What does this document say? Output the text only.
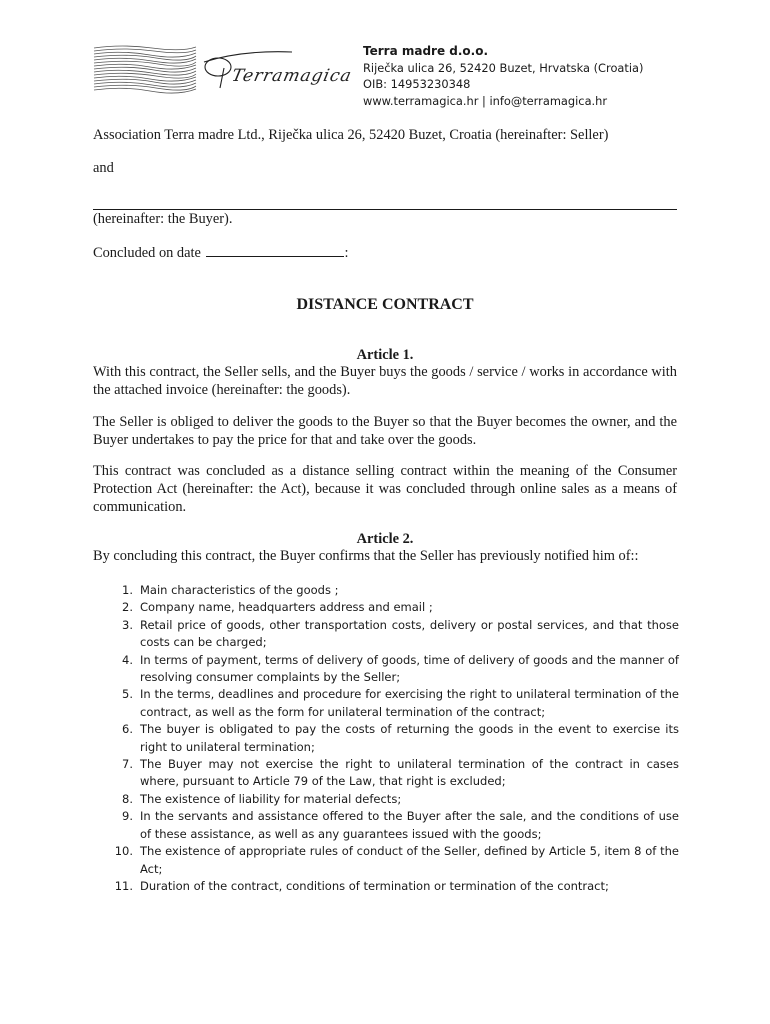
Terramagica
Terra madre d.o.o.
Riječka ulica 26, 52420 Buzet, Hrvatska (Croatia)
OIB: 14953230348
www.terramagica.hr | info@terramagica.hr

Association Terra madre Ltd., Riječka ulica 26, 52420 Buzet, Croatia (hereinafter: Seller)

and

(hereinafter: the Buyer).

Concluded on date	:

DISTANCE CONTRACT
Article 1.

With this contract, the Seller sells, and the Buyer buys the goods / service / works in accordance with the attached invoice (hereinafter: the goods).

The Seller is obliged to deliver the goods to the Buyer so that the Buyer becomes the owner, and the Buyer undertakes to pay the price for that and take over the goods.

This contract was concluded as a distance selling contract within the meaning of the Consumer Protection Act (hereinafter: the Act), because it was concluded through online sales as a means of communication.

Article 2.

By concluding this contract, the Buyer confirms that the Seller has previously notified him of::

1. Main characteristics of the goods ;
2. Company name, headquarters address and email ;
3. Retail price of goods, other transportation costs, delivery or postal services, and that those costs can be charged;
4. In terms of payment, terms of delivery of goods, time of delivery of goods and the manner of resolving consumer complaints by the Seller;
5. In the terms, deadlines and procedure for exercising the right to unilateral termination of the contract, as well as the form for unilateral termination of the contract;
6. The buyer is obligated to pay the costs of returning the goods in the event to exercise its right to unilateral termination;
7. The Buyer may not exercise the right to unilateral termination of the contract in cases where, pursuant to Article 79 of the Law, that right is excluded;
8. The existence of liability for material defects;
9. In the servants and assistance offered to the Buyer after the sale, and the conditions of use of these assistance, as well as any guarantees issued with the goods;
10. The existence of appropriate rules of conduct of the Seller, defined by Article 5, item 8 of the Act;
11. Duration of the contract, conditions of termination or termination of the contract;
